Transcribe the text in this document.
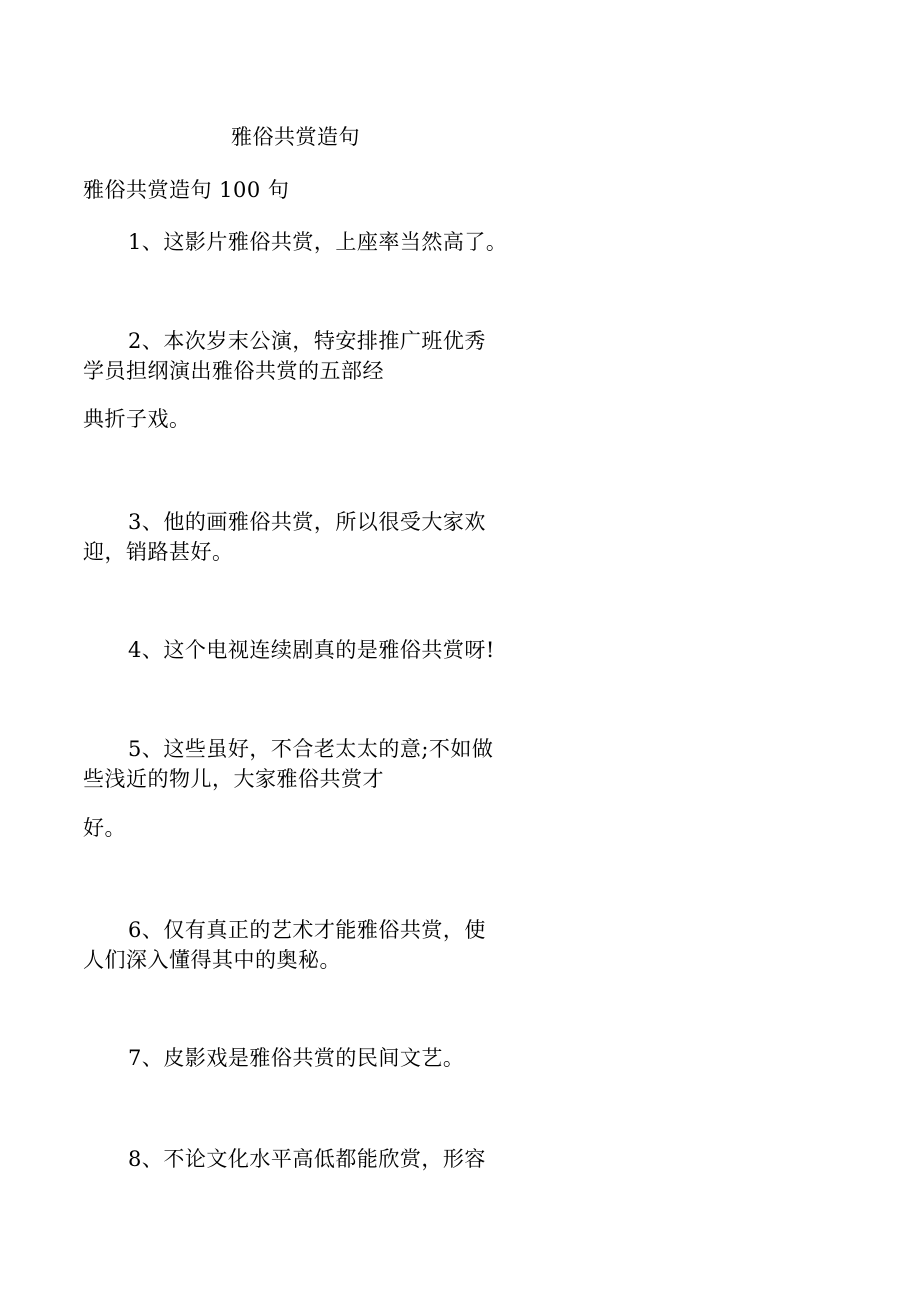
雅俗共赏造句
雅俗共赏造句 100 句
1、这影片雅俗共赏，上座率当然高了。
2、本次岁末公演，特安排推广班优秀
学员担纲演出雅俗共赏的五部经
典折子戏。
3、他的画雅俗共赏，所以很受大家欢
迎，销路甚好。
4、这个电视连续剧真的是雅俗共赏呀!
5、这些虽好，不合老太太的意;不如做
些浅近的物儿，大家雅俗共赏才
好。
6、仅有真正的艺术才能雅俗共赏，使
人们深入懂得其中的奥秘。
7、皮影戏是雅俗共赏的民间文艺。
8、不论文化水平高低都能欣赏，形容
